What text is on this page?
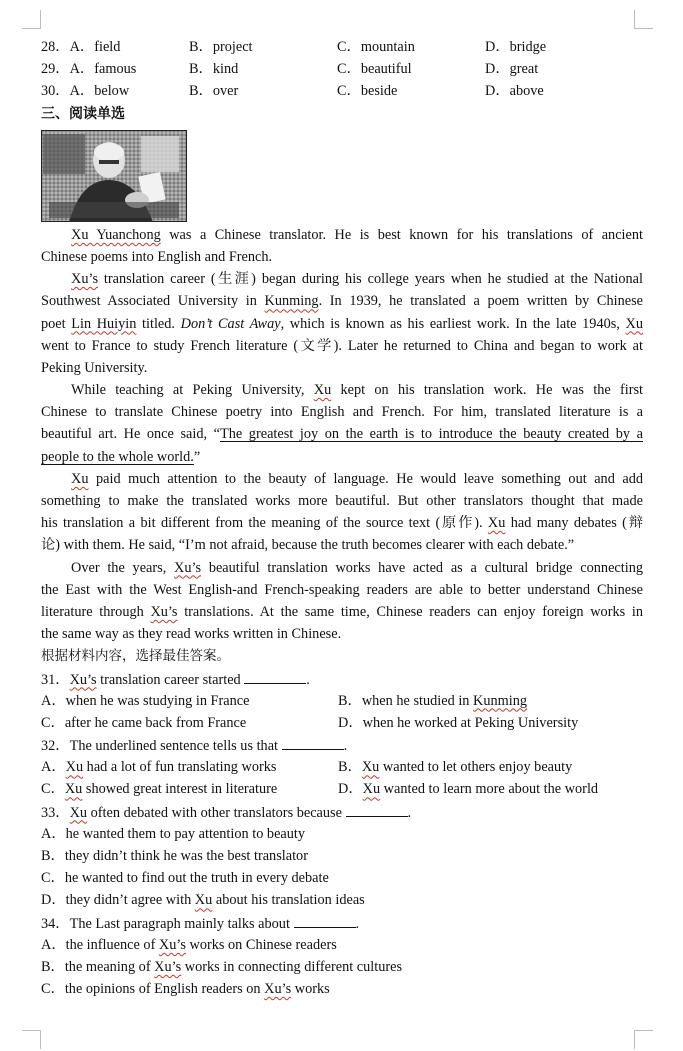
28．A．field	B．project	C．mountain	D．bridge
29．A．famous	B．kind	C．beautiful	D．great
30．A．below	B．over	C．beside	D．above
三、阅读单选
Xu Yuanchong was a Chinese translator. He is best known for his translations of ancient
Chinese poems into English and French.
Xu’s translation career (生涯) began during his college years when he studied at the National
Southwest Associated University in Kunming. In 1939, he translated a poem written by Chinese
poet Lin Huiyin titled. Don’t Cast Away, which is known as his earliest work. In the late 1940s, Xu
went to France to study French literature (文学). Later he returned to China and began to work at
Peking University.
While teaching at Peking University, Xu kept on his translation work. He was the first
Chinese to translate Chinese poetry into English and French. For him, translated literature is a
beautiful art. He once said, “The greatest joy on the earth is to introduce the beauty created by a
people to the whole world.”
Xu paid much attention to the beauty of language. He would leave something out and add
something to make the translated works more beautiful. But other translators thought that made
his translation a bit different from the meaning of the source text (原作). Xu had many debates (辩
论) with them. He said, “I’m not afraid, because the truth becomes clearer with each debate.”
Over the years, Xu’s beautiful translation works have acted as a cultural bridge connecting
the East with the West English-and French-speaking readers are able to better understand Chinese
literature through Xu’s translations. At the same time, Chinese readers can enjoy foreign works in
the same way as they read works written in Chinese.
根据材料内容，选择最佳答案。
31．Xu’s translation career started	.
A．when he was studying in France	B．when he studied in Kunming
C．after he came back from France	D．when he worked at Peking University
32．The underlined sentence tells us that	.
A．Xu had a lot of fun translating works	B．Xu wanted to let others enjoy beauty
C．Xu showed great interest in literature	D．Xu wanted to learn more about the world
33．Xu often debated with other translators because	.
A．he wanted them to pay attention to beauty
B．they didn’t think he was the best translator
C．he wanted to find out the truth in every debate
D．they didn’t agree with Xu about his translation ideas
34．The Last paragraph mainly talks about	.
A．the influence of Xu’s works on Chinese readers
B．the meaning of Xu’s works in connecting different cultures
C．the opinions of English readers on Xu’s works
